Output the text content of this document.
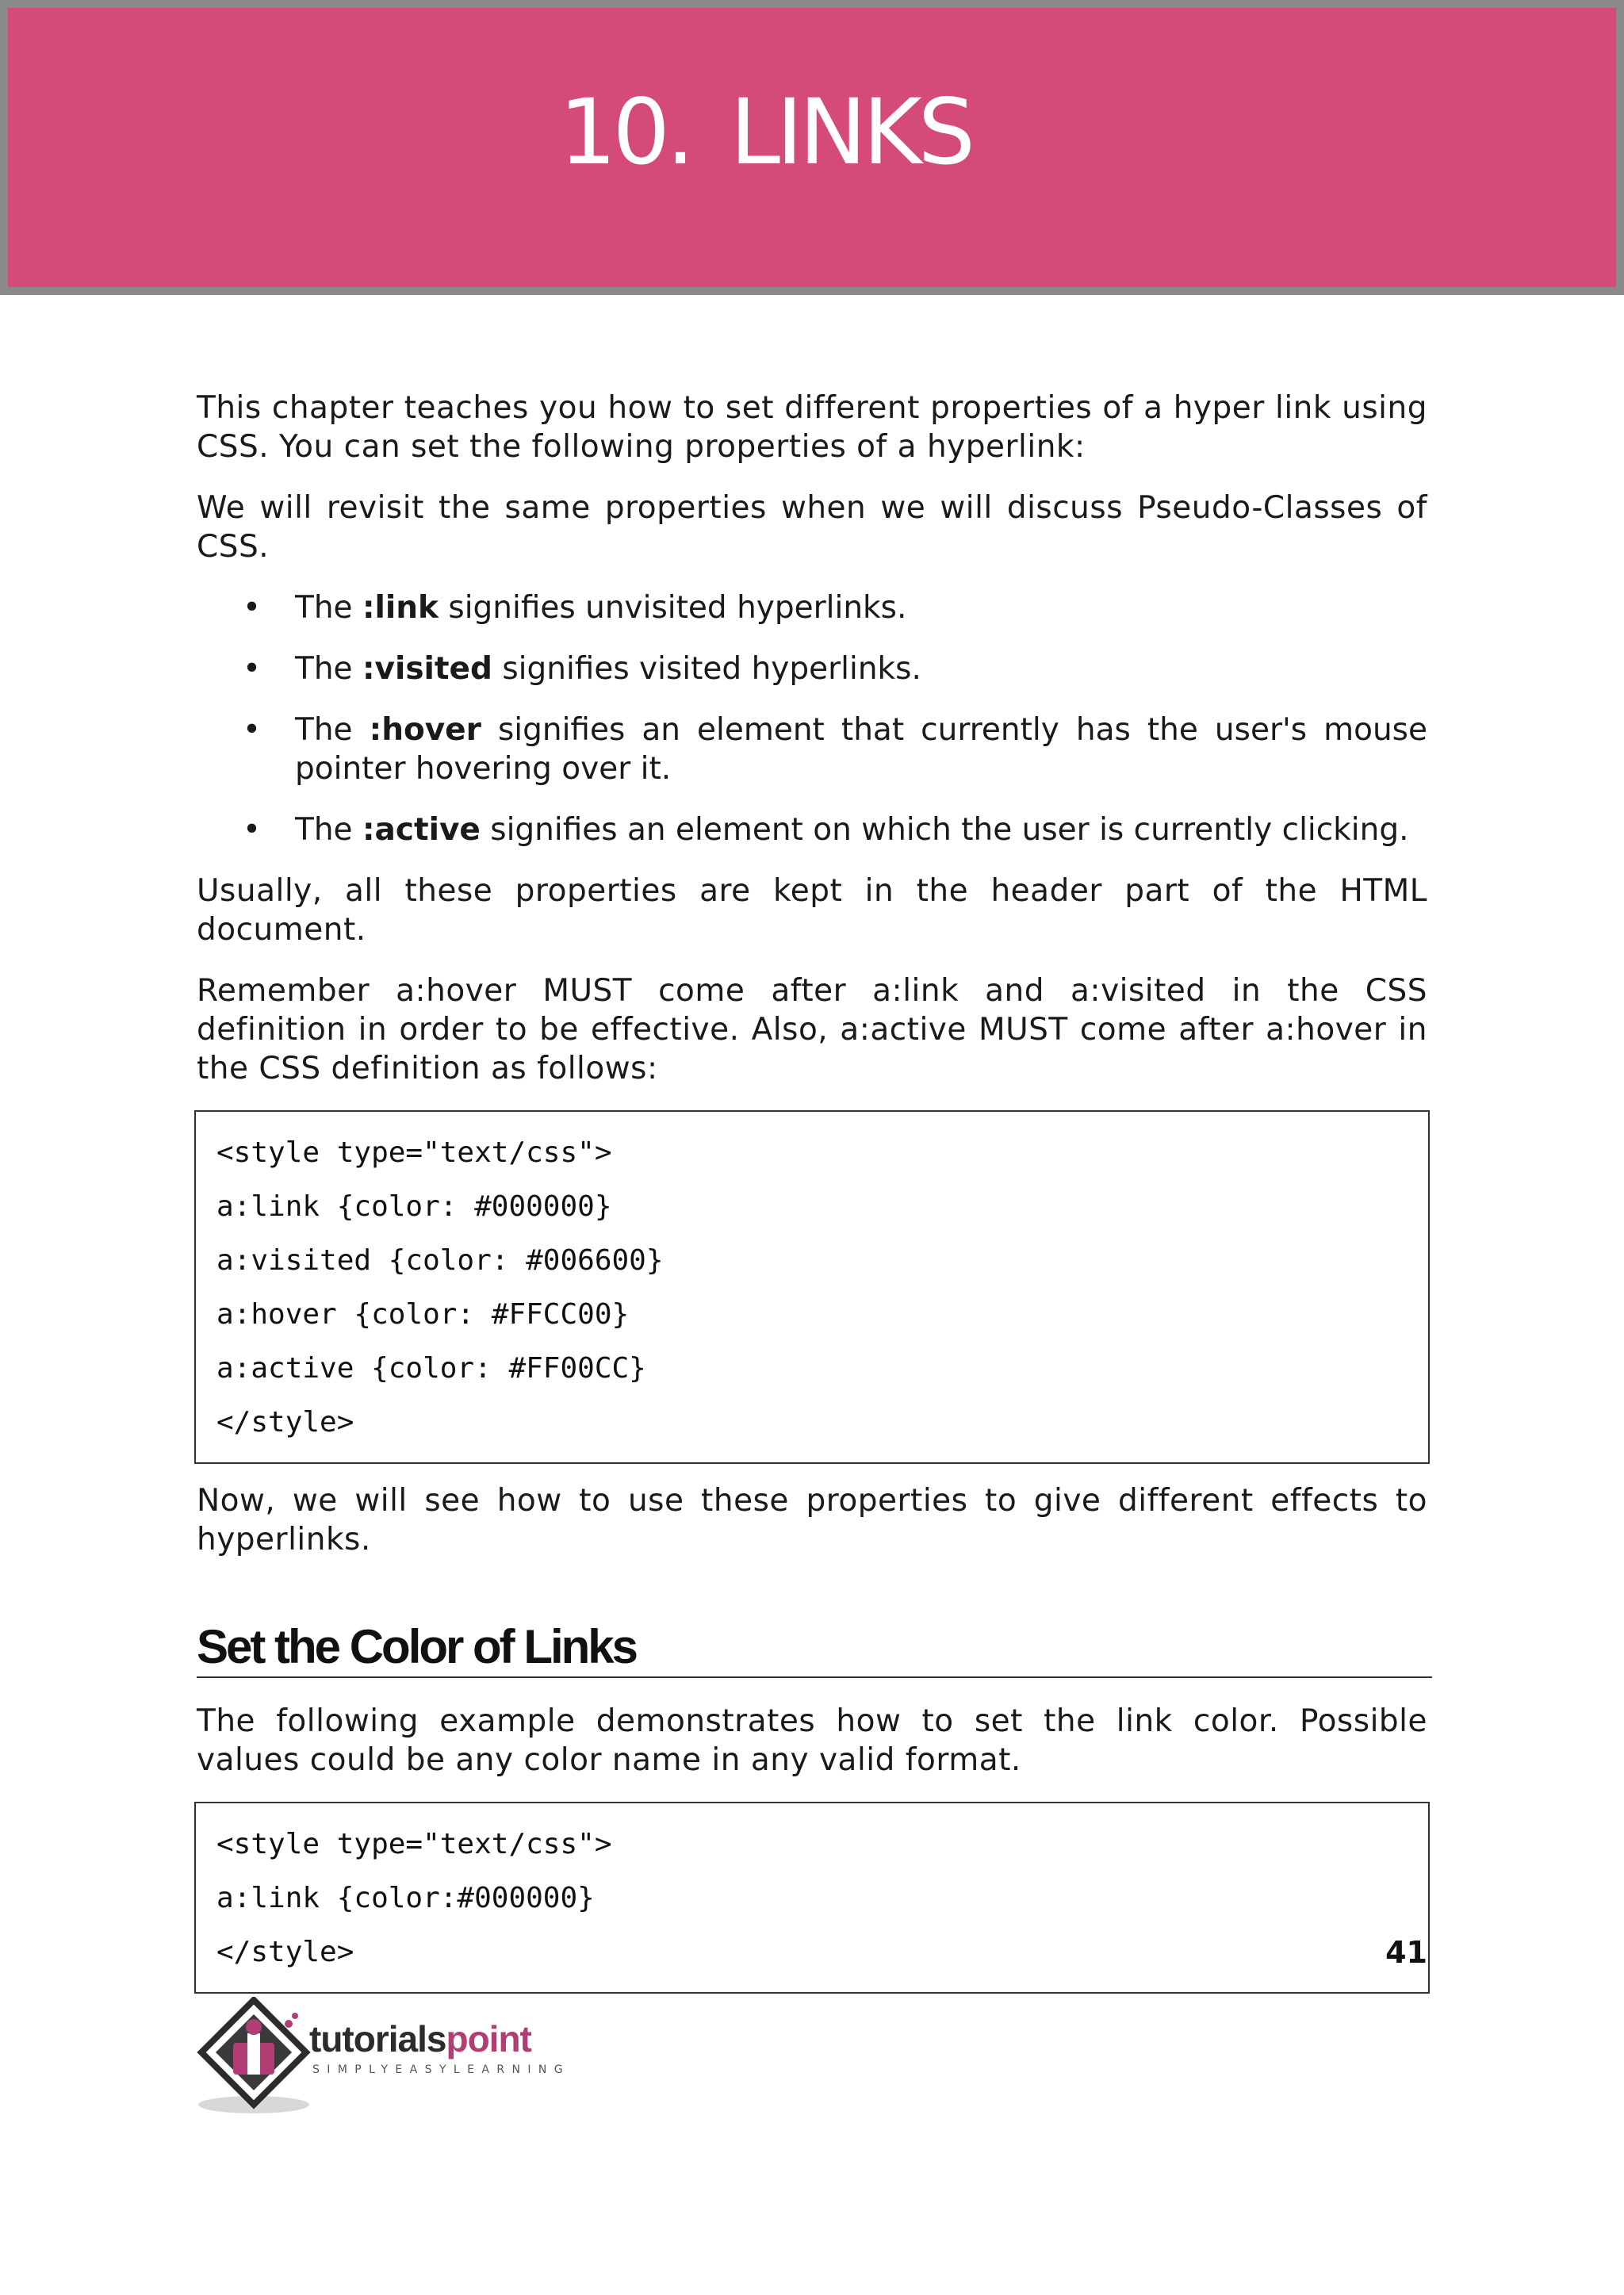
10. LINKS

This chapter teaches you how to set different properties of a hyper link using CSS. You can set the following properties of a hyperlink:

We will revisit the same properties when we will discuss Pseudo-Classes of CSS.

• The :link signifies unvisited hyperlinks.
• The :visited signifies visited hyperlinks.
• The :hover signifies an element that currently has the user's mouse pointer hovering over it.
• The :active signifies an element on which the user is currently clicking.

Usually, all these properties are kept in the header part of the HTML document.

Remember a:hover MUST come after a:link and a:visited in the CSS definition in order to be effective. Also, a:active MUST come after a:hover in the CSS definition as follows:

<style type="text/css">
a:link {color: #000000}
a:visited {color: #006600}
a:hover {color: #FFCC00}
a:active {color: #FF00CC}
</style>

Now, we will see how to use these properties to give different effects to hyperlinks.

Set the Color of Links

The following example demonstrates how to set the link color. Possible values could be any color name in any valid format.

<style type="text/css">
a:link {color:#000000}
</style>	41
tutorialspoint
SIMPLYEASYLEARNING
